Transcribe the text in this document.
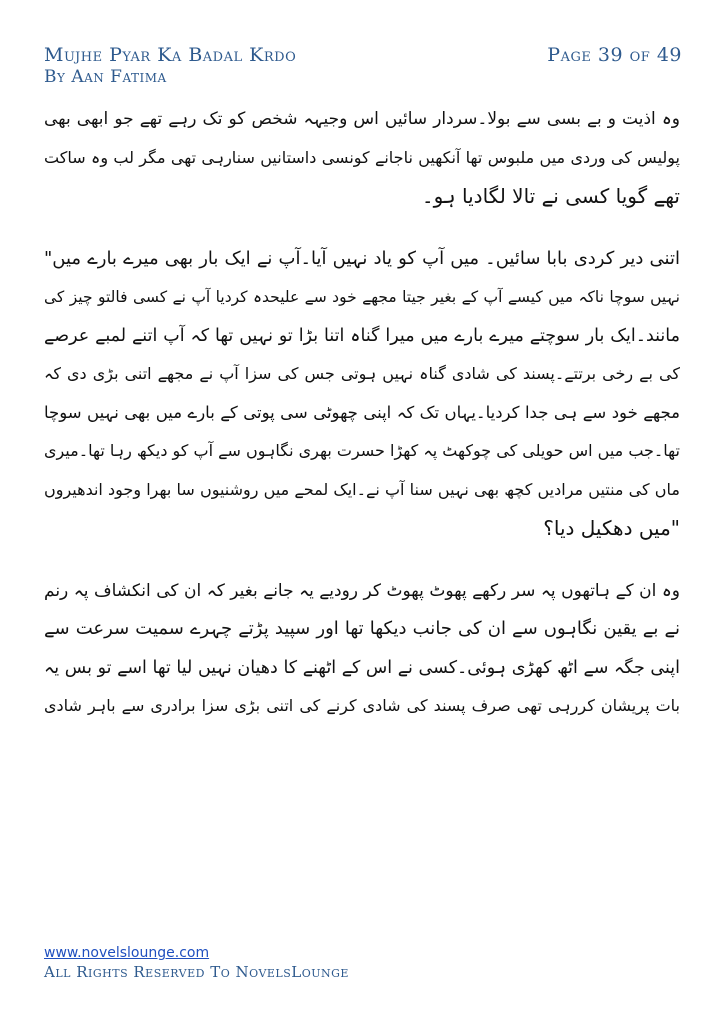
Mujhe Pyar Ka Badal Krdo
By Aan Fatima
Page 39 of 49
وہ اذیت و بے بسی سے بولا۔سردار سائیں اس وجیہہ شخص کو تک رہے تھے جو ابھی بھی
پولیس کی وردی میں ملبوس تھا آنکھیں ناجانے کونسی داستانیں سنارہی تھی مگر لب وہ ساکت
تھے گویا کسی نے تالا لگادیا ہو۔
اتنی دیر کردی بابا سائیں۔ میں آپ کو یاد نہیں آیا۔آپ نے ایک بار بھی میرے بارے میں"
نہیں سوچا ناکہ میں کیسے آپ کے بغیر جیتا مجھے خود سے علیحدہ کردیا آپ نے کسی فالتو چیز کی
مانند۔ایک بار سوچتے میرے بارے میں میرا گناہ اتنا بڑا تو نہیں تھا کہ آپ اتنے لمبے عرصے
کی بے رخی برتتے۔پسند کی شادی گناہ نہیں ہوتی جس کی سزا آپ نے مجھے اتنی بڑی دی کہ
مجھے خود سے ہی جدا کردیا۔یہاں تک کہ اپنی چھوٹی سی پوتی کے بارے میں بھی نہیں سوچا
تھا۔جب میں اس حویلی کی چوکھٹ پہ کھڑا حسرت بھری نگاہوں سے آپ کو دیکھ رہا تھا۔میری
ماں کی منتیں مرادیں کچھ بھی نہیں سنا آپ نے۔ایک لمحے میں روشنیوں سا بھرا وجود اندھیروں
"میں دھکیل دیا؟
وہ ان کے ہاتھوں پہ سر رکھے پھوٹ پھوٹ کر رودیے یہ جانے بغیر کہ ان کی انکشاف پہ رنم
نے بے یقین نگاہوں سے ان کی جانب دیکھا تھا اور سپید پڑتے چہرے سمیت سرعت سے
اپنی جگہ سے اٹھ کھڑی ہوئی۔کسی نے اس کے اٹھنے کا دھیان نہیں لیا تھا اسے تو بس یہ
بات پریشان کررہی تھی صرف پسند کی شادی کرنے کی اتنی بڑی سزا برادری سے باہر شادی
www.novelslounge.com
All Rights Reserved To NovelsLounge
